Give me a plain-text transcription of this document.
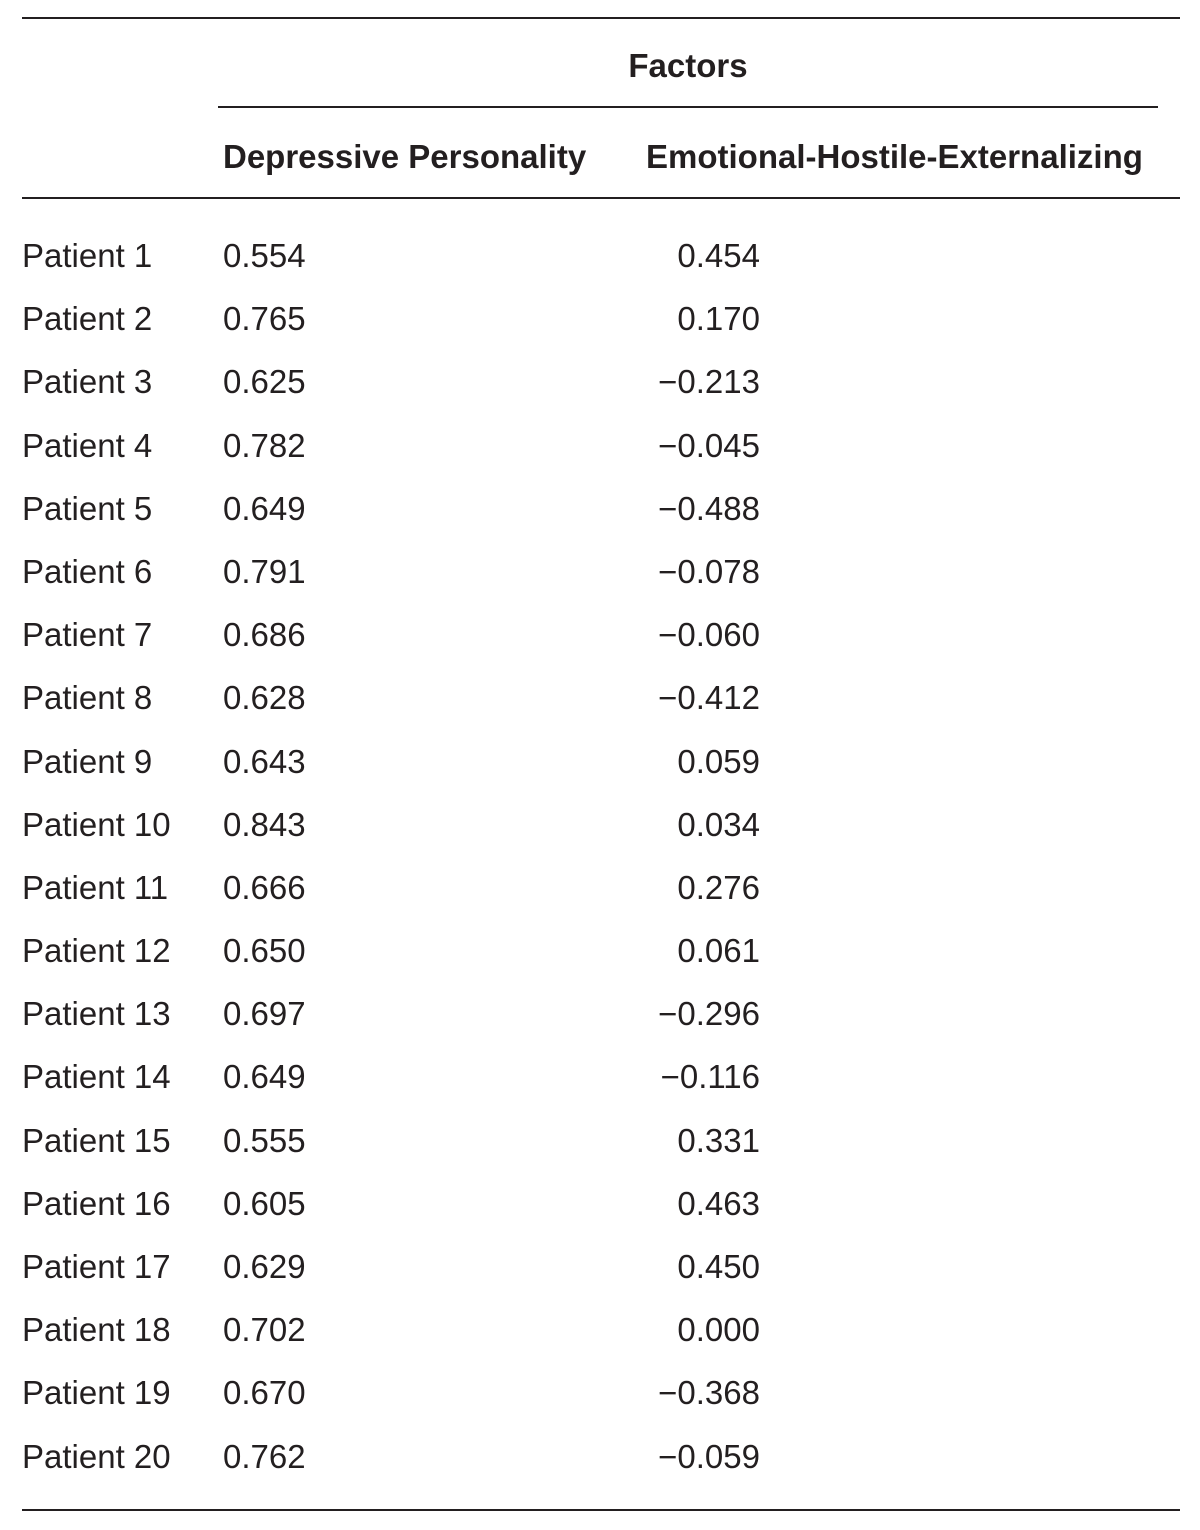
Factors
Depressive Personality Emotional-Hostile-Externalizing
Patient 1 0.554	0.454
Patient 2 0.765	0.170
Patient 3 0.625	−0.213
Patient 4 0.782	−0.045
Patient 5 0.649	−0.488
Patient 6 0.791	−0.078
Patient 7 0.686	−0.060
Patient 8 0.628	−0.412
Patient 9 0.643	0.059
Patient 10 0.843	0.034
Patient 11 0.666	0.276
Patient 12 0.650	0.061
Patient 13 0.697	−0.296
Patient 14 0.649	−0.116
Patient 15 0.555	0.331
Patient 16 0.605	0.463
Patient 17 0.629	0.450
Patient 18 0.702	0.000
Patient 19 0.670	−0.368
Patient 20 0.762	−0.059
